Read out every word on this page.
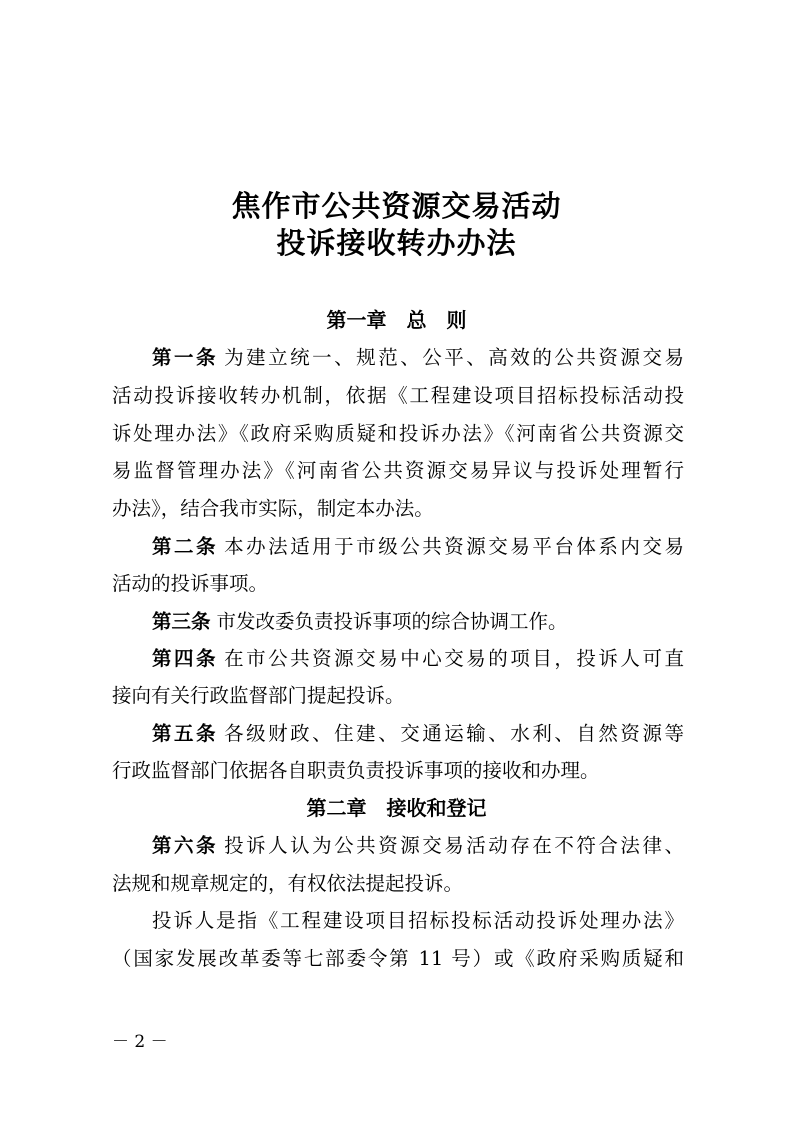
焦作市公共资源交易活动
投诉接收转办办法
第一章　总　则
第一条 为建立统一、规范、公平、高效的公共资源交易
活动投诉接收转办机制，依据《工程建设项目招标投标活动投
诉处理办法》《政府采购质疑和投诉办法》《河南省公共资源交
易监督管理办法》《河南省公共资源交易异议与投诉处理暂行
办法》，结合我市实际，制定本办法。
第二条 本办法适用于市级公共资源交易平台体系内交易
活动的投诉事项。
第三条 市发改委负责投诉事项的综合协调工作。
第四条 在市公共资源交易中心交易的项目，投诉人可直
接向有关行政监督部门提起投诉。
第五条 各级财政、住建、交通运输、水利、自然资源等
行政监督部门依据各自职责负责投诉事项的接收和办理。
第二章　接收和登记
第六条 投诉人认为公共资源交易活动存在不符合法律、
法规和规章规定的，有权依法提起投诉。
投诉人是指《工程建设项目招标投标活动投诉处理办法》
（国家发展改革委等七部委令第 11 号）或《政府采购质疑和
－ 2 －
